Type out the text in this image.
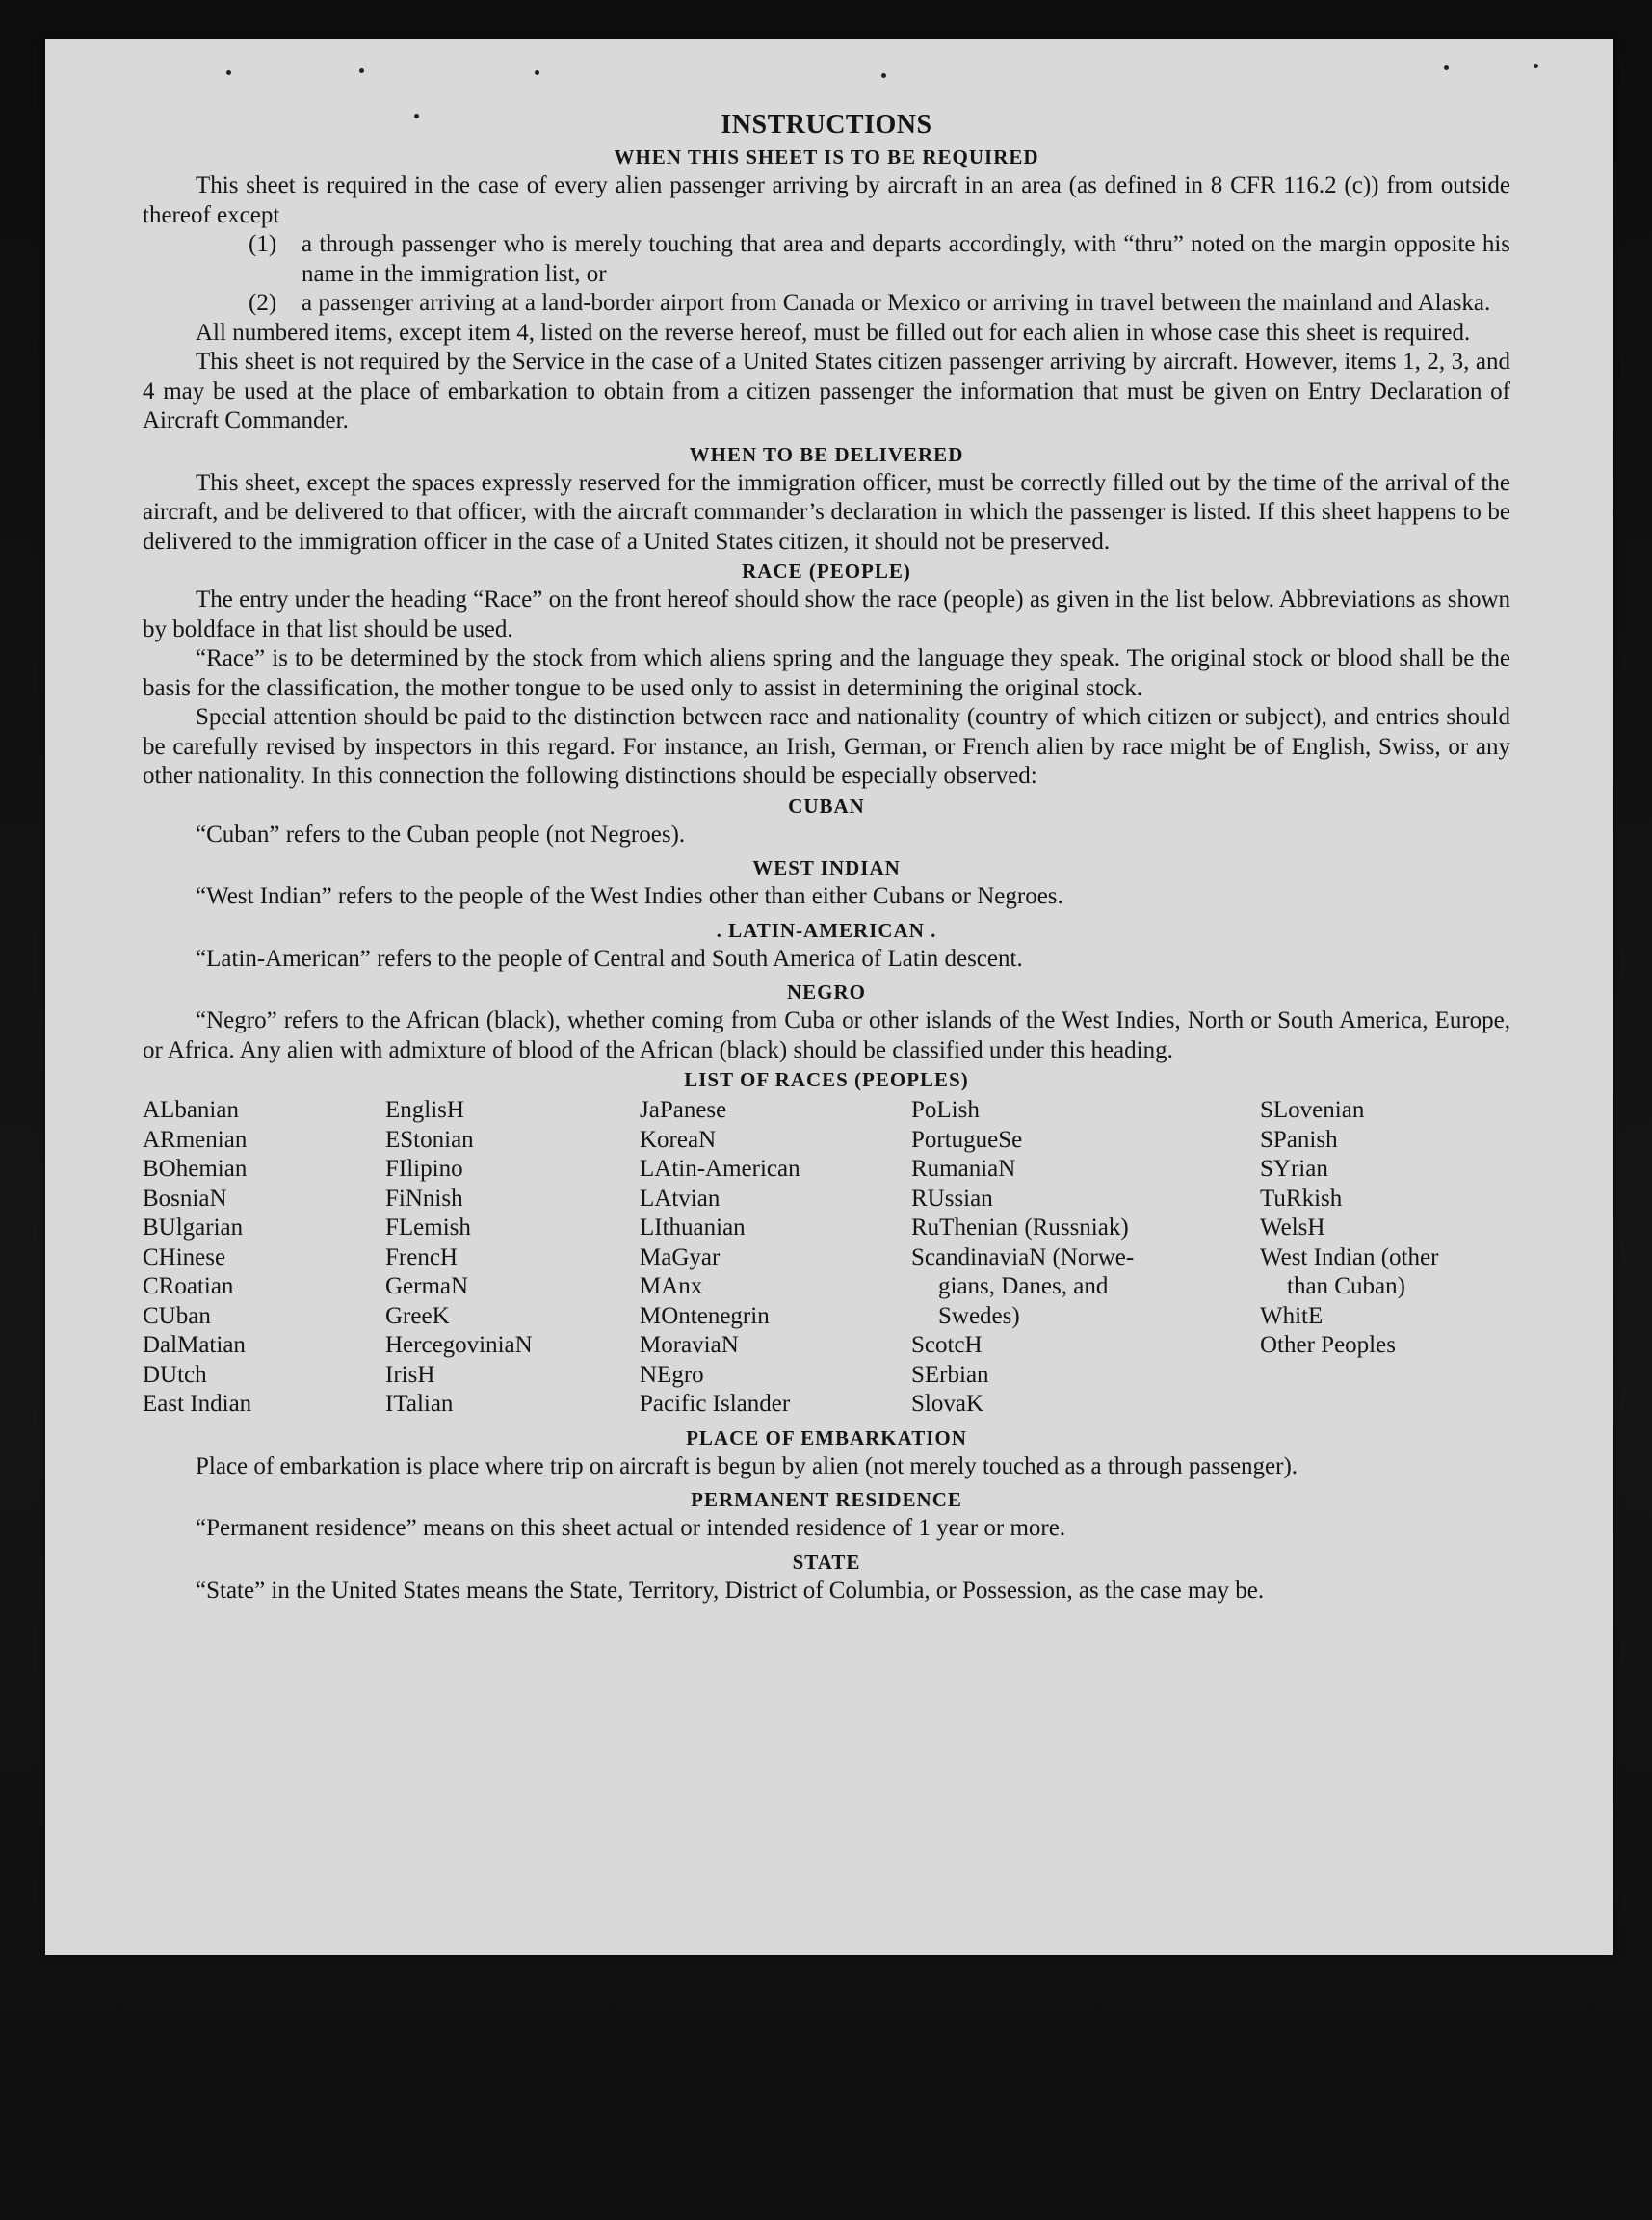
INSTRUCTIONS
WHEN THIS SHEET IS TO BE REQUIRED

This sheet is required in the case of every alien passenger arriving by aircraft in an area (as defined in 8 CFR 116.2 (c)) from outside thereof except

(1)	a through passenger who is merely touching that area and departs accordingly, with “thru” noted on the margin opposite his name in the immigration list, or
(2)	a passenger arriving at a land-border airport from Canada or Mexico or arriving in travel between the mainland and Alaska.

All numbered items, except item 4, listed on the reverse hereof, must be filled out for each alien in whose case this sheet is required.

This sheet is not required by the Service in the case of a United States citizen passenger arriving by aircraft. However, items 1, 2, 3, and 4 may be used at the place of embarkation to obtain from a citizen passenger the information that must be given on Entry Declaration of Aircraft Commander.

WHEN TO BE DELIVERED

This sheet, except the spaces expressly reserved for the immigration officer, must be correctly filled out by the time of the arrival of the aircraft, and be delivered to that officer, with the aircraft commander’s declaration in which the passenger is listed. If this sheet happens to be delivered to the immigration officer in the case of a United States citizen, it should not be preserved.

RACE (PEOPLE)

The entry under the heading “Race” on the front hereof should show the race (people) as given in the list below. Abbreviations as shown by boldface in that list should be used.

“Race” is to be determined by the stock from which aliens spring and the language they speak. The original stock or blood shall be the basis for the classification, the mother tongue to be used only to assist in determining the original stock.

Special attention should be paid to the distinction between race and nationality (country of which citizen or subject), and entries should be carefully revised by inspectors in this regard. For instance, an Irish, German, or French alien by race might be of English, Swiss, or any other nationality. In this connection the following distinctions should be especially observed:

CUBAN

“Cuban” refers to the Cuban people (not Negroes).

WEST INDIAN

“West Indian” refers to the people of the West Indies other than either Cubans or Negroes.

. LATIN-AMERICAN .

“Latin-American” refers to the people of Central and South America of Latin descent.

NEGRO

“Negro” refers to the African (black), whether coming from Cuba or other islands of the West Indies, North or South America, Europe, or Africa. Any alien with admixture of blood of the African (black) should be classified under this heading.

LIST OF RACES (PEOPLES)
ALbanian
ARmenian
BOhemian
BosniaN
BUlgarian
CHinese
CRoatian
CUban
DalMatian
DUtch
East Indian
EnglisH
EStonian
FIlipino
FiNnish
FLemish
FrencH
GermaN
GreeK
HercegoviniaN
IrisH
ITalian
JaPanese
KoreaN
LAtin-American
LAtvian
LIthuanian
MaGyar
MAnx
MOntenegrin
MoraviaN
NEgro
Pacific Islander
PoLish
PortugueSe
RumaniaN
RUssian
RuThenian (Russniak)
ScandinaviaN (Norwe-
gians, Danes, and
Swedes)
ScotcH
SErbian
SlovaK
SLovenian
SPanish
SYrian
TuRkish
WelsH
West Indian (other
than Cuban)
WhitE
Other Peoples
PLACE OF EMBARKATION

Place of embarkation is place where trip on aircraft is begun by alien (not merely touched as a through passenger).

PERMANENT RESIDENCE

“Permanent residence” means on this sheet actual or intended residence of 1 year or more.

STATE

“State” in the United States means the State, Territory, District of Columbia, or Possession, as the case may be.
